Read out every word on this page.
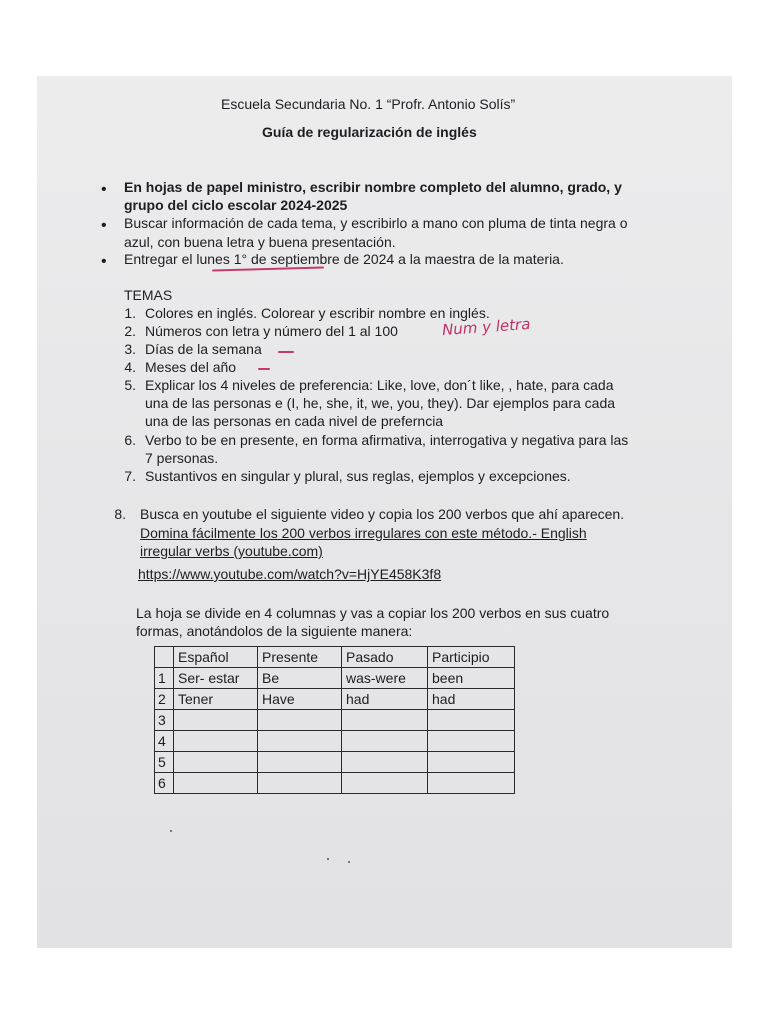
Escuela Secundaria No. 1 “Profr. Antonio Solís”
Guía de regularización de inglés
• En hojas de papel ministro, escribir nombre completo del alumno, grado, y
grupo del ciclo escolar 2024-2025
• Buscar información de cada tema, y escribirlo a mano con pluma de tinta negra o
azul, con buena letra y buena presentación.
• Entregar el lunes 1° de septiembre de 2024 a la maestra de la materia.
TEMAS
1. Colores en inglés. Colorear y escribir nombre en inglés.
2. Números con letra y número del 1 al 100	Num y letra
3. Días de la semana
4. Meses del año
5. Explicar los 4 niveles de preferencia: Like, love, don´t like, , hate, para cada
una de las personas e (I, he, she, it, we, you, they). Dar ejemplos para cada
una de las personas en cada nivel de preferncia
6. Verbo to be en presente, en forma afirmativa, interrogativa y negativa para las
7 personas.
7. Sustantivos en singular y plural, sus reglas, ejemplos y excepciones.
8. Busca en youtube el siguiente video y copia los 200 verbos que ahí aparecen.
Domina fácilmente los 200 verbos irregulares con este método.- English
irregular verbs (youtube.com)
https://www.youtube.com/watch?v=HjYE458K3f8
La hoja se divide en 4 columnas y vas a copiar los 200 verbos en sus cuatro
formas, anotándolos de la siguiente manera:
	Español	Presente	Pasado	Participio
1	Ser- estar	Be	was-were	been
2	Tener	Have	had	had
3				
4				
5				
6				
